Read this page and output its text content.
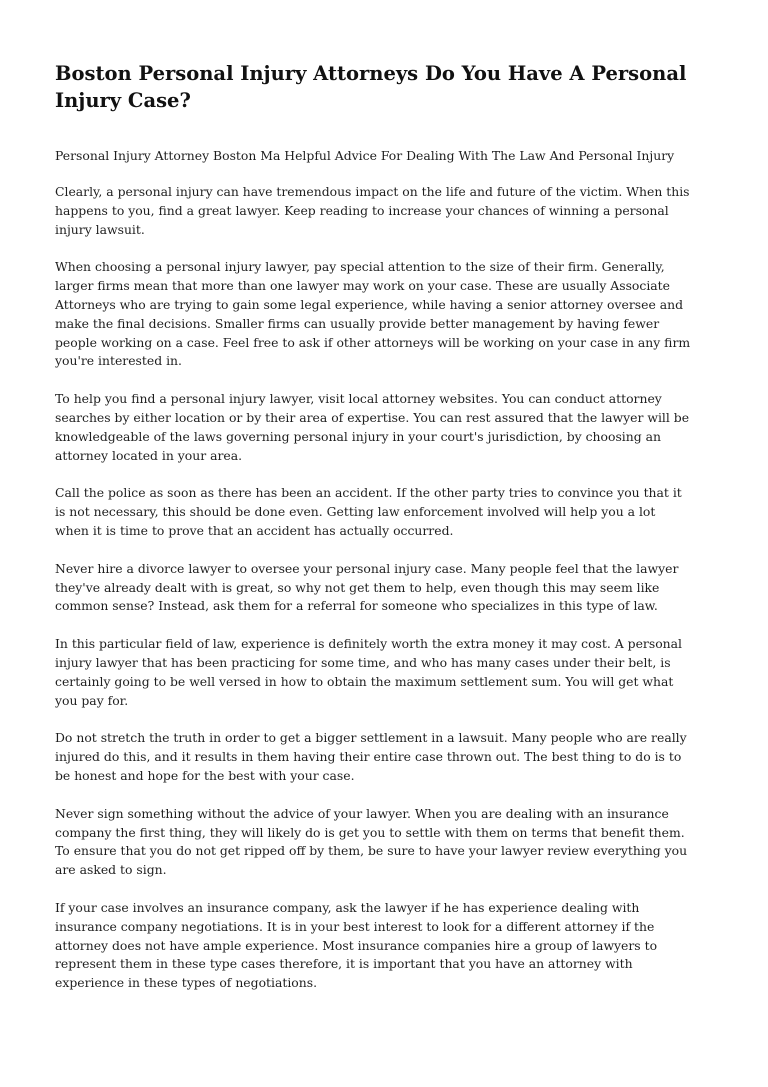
Boston Personal Injury Attorneys Do You Have A Personal
Injury Case?
Personal Injury Attorney Boston Ma Helpful Advice For Dealing With The Law And Personal Injury

Clearly, a personal injury can have tremendous impact on the life and future of the victim. When this
happens to you, find a great lawyer. Keep reading to increase your chances of winning a personal
injury lawsuit.

When choosing a personal injury lawyer, pay special attention to the size of their firm. Generally,
larger firms mean that more than one lawyer may work on your case. These are usually Associate
Attorneys who are trying to gain some legal experience, while having a senior attorney oversee and
make the final decisions. Smaller firms can usually provide better management by having fewer
people working on a case. Feel free to ask if other attorneys will be working on your case in any firm
you're interested in.

To help you find a personal injury lawyer, visit local attorney websites. You can conduct attorney
searches by either location or by their area of expertise. You can rest assured that the lawyer will be
knowledgeable of the laws governing personal injury in your court's jurisdiction, by choosing an
attorney located in your area.

Call the police as soon as there has been an accident. If the other party tries to convince you that it
is not necessary, this should be done even. Getting law enforcement involved will help you a lot
when it is time to prove that an accident has actually occurred.

Never hire a divorce lawyer to oversee your personal injury case. Many people feel that the lawyer
they've already dealt with is great, so why not get them to help, even though this may seem like
common sense? Instead, ask them for a referral for someone who specializes in this type of law.

In this particular field of law, experience is definitely worth the extra money it may cost. A personal
injury lawyer that has been practicing for some time, and who has many cases under their belt, is
certainly going to be well versed in how to obtain the maximum settlement sum. You will get what
you pay for.

Do not stretch the truth in order to get a bigger settlement in a lawsuit. Many people who are really
injured do this, and it results in them having their entire case thrown out. The best thing to do is to
be honest and hope for the best with your case.

Never sign something without the advice of your lawyer. When you are dealing with an insurance
company the first thing, they will likely do is get you to settle with them on terms that benefit them.
To ensure that you do not get ripped off by them, be sure to have your lawyer review everything you
are asked to sign.

If your case involves an insurance company, ask the lawyer if he has experience dealing with
insurance company negotiations. It is in your best interest to look for a different attorney if the
attorney does not have ample experience. Most insurance companies hire a group of lawyers to
represent them in these type cases therefore, it is important that you have an attorney with
experience in these types of negotiations.
